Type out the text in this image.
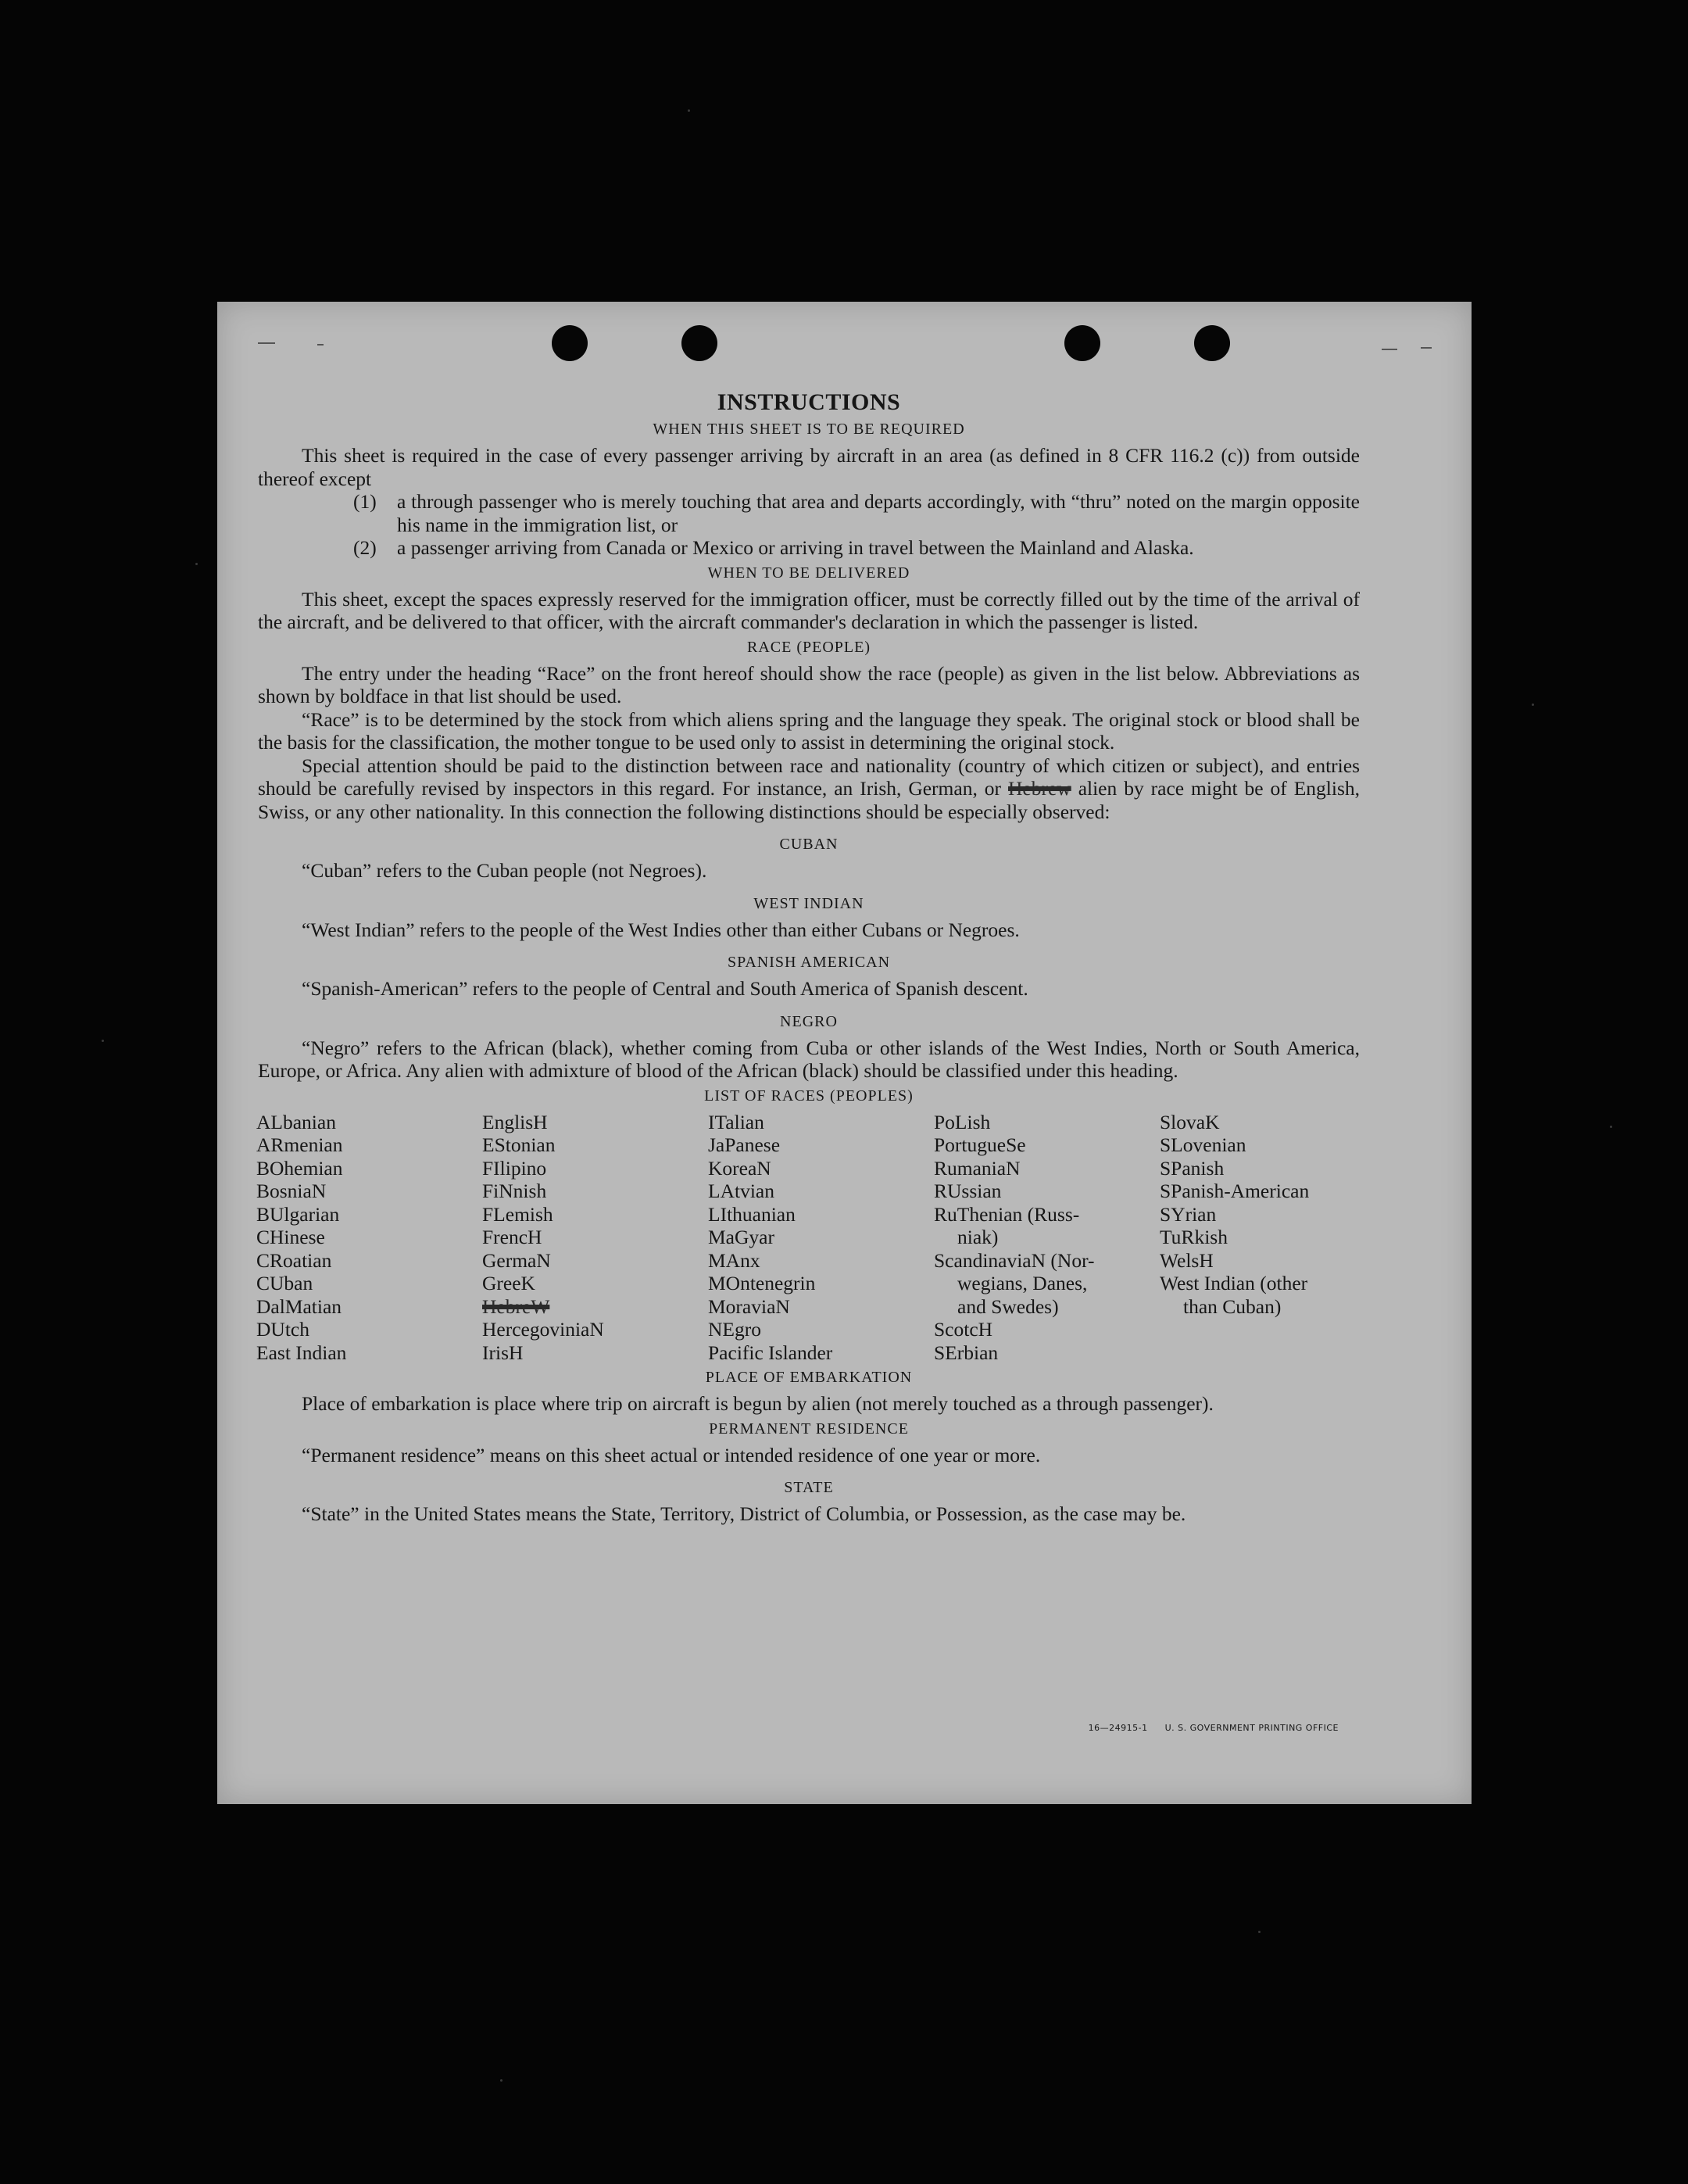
INSTRUCTIONS
WHEN THIS SHEET IS TO BE REQUIRED

This sheet is required in the case of every passenger arriving by aircraft in an area (as defined in 8 CFR 116.2 (c)) from outside thereof except

(1)	a through passenger who is merely touching that area and departs accordingly, with “thru” noted on the margin opposite his name in the immigration list, or
(2)	a passenger arriving from Canada or Mexico or arriving in travel between the Mainland and Alaska.
WHEN TO BE DELIVERED

This sheet, except the spaces expressly reserved for the immigration officer, must be correctly filled out by the time of the arrival of the aircraft, and be delivered to that officer, with the aircraft commander's declaration in which the passenger is listed.

RACE (PEOPLE)

The entry under the heading “Race” on the front hereof should show the race (people) as given in the list below. Abbreviations as shown by boldface in that list should be used.

“Race” is to be determined by the stock from which aliens spring and the language they speak. The original stock or blood shall be the basis for the classification, the mother tongue to be used only to assist in determining the original stock.

Special attention should be paid to the distinction between race and nationality (country of which citizen or subject), and entries should be carefully revised by inspectors in this regard. For instance, an Irish, German, or Hebrew alien by race might be of English, Swiss, or any other nationality. In this connection the following distinctions should be especially observed:

CUBAN

“Cuban” refers to the Cuban people (not Negroes).

WEST INDIAN

“West Indian” refers to the people of the West Indies other than either Cubans or Negroes.

SPANISH AMERICAN

“Spanish-American” refers to the people of Central and South America of Spanish descent.

NEGRO

“Negro” refers to the African (black), whether coming from Cuba or other islands of the West Indies, North or South America, Europe, or Africa. Any alien with admixture of blood of the African (black) should be classified under this heading.

LIST OF RACES (PEOPLES)
ALbanian
ARmenian
BOhemian
BosniaN
BUlgarian
CHinese
CRoatian
CUban
DalMatian
DUtch
East Indian
EnglisH
EStonian
FIlipino
FiNnish
FLemish
FrencH
GermaN
GreeK
HebreW
HercegoviniaN
IrisH
ITalian
JaPanese
KoreaN
LAtvian
LIthuanian
MaGyar
MAnx
MOntenegrin
MoraviaN
NEgro
Pacific Islander
PoLish
PortugueSe
RumaniaN
RUssian
RuThenian (Russ-
niak)
ScandinaviaN (Nor-
wegians, Danes,
and Swedes)
ScotcH
SErbian
SlovaK
SLovenian
SPanish
SPanish-American
SYrian
TuRkish
WelsH
West Indian (other
than Cuban)
PLACE OF EMBARKATION

Place of embarkation is place where trip on aircraft is begun by alien (not merely touched as a through passenger).

PERMANENT RESIDENCE

“Permanent residence” means on this sheet actual or intended residence of one year or more.

STATE

“State” in the United States means the State, Territory, District of Columbia, or Possession, as the case may be.

16—24915-1 U. S. GOVERNMENT PRINTING OFFICE
